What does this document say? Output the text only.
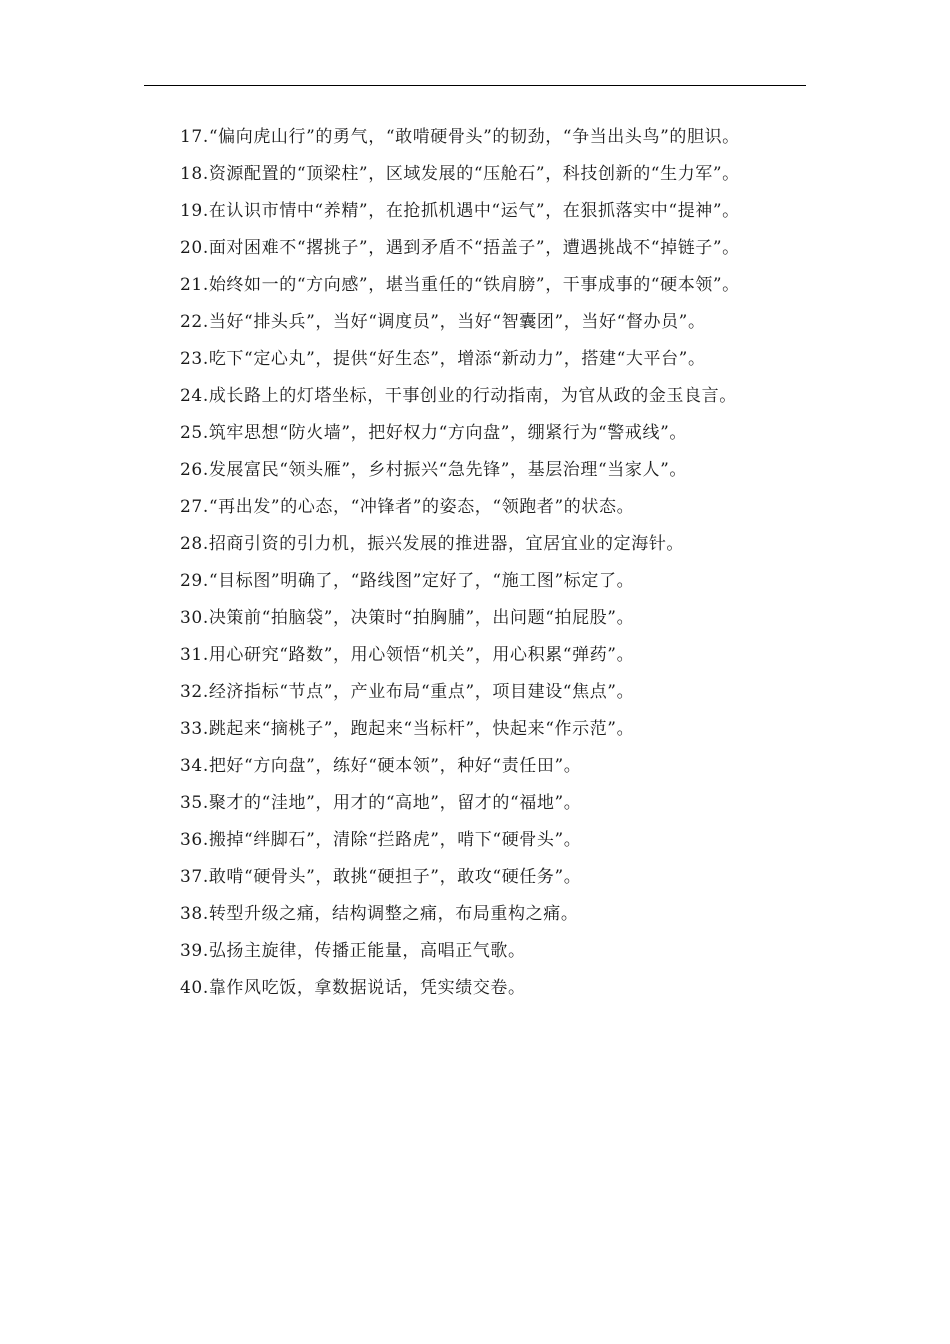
17.“偏向虎山行”的勇气，“敢啃硬骨头”的韧劲，“争当出头鸟”的胆识。

18.资源配置的“顶梁柱”，区域发展的“压舱石”，科技创新的“生力军”。

19.在认识市情中“养精”，在抢抓机遇中“运气”，在狠抓落实中“提神”。

20.面对困难不“撂挑子”，遇到矛盾不“捂盖子”，遭遇挑战不“掉链子”。

21.始终如一的“方向感”，堪当重任的“铁肩膀”，干事成事的“硬本领”。

22.当好“排头兵”，当好“调度员”，当好“智囊团”，当好“督办员”。

23.吃下“定心丸”，提供“好生态”，增添“新动力”，搭建“大平台”。

24.成长路上的灯塔坐标，干事创业的行动指南，为官从政的金玉良言。

25.筑牢思想“防火墙”，把好权力“方向盘”，绷紧行为“警戒线”。

26.发展富民“领头雁”，乡村振兴“急先锋”，基层治理“当家人”。

27.“再出发”的心态，“冲锋者”的姿态，“领跑者”的状态。

28.招商引资的引力机，振兴发展的推进器，宜居宜业的定海针。

29.“目标图”明确了，“路线图”定好了，“施工图”标定了。

30.决策前“拍脑袋”，决策时“拍胸脯”，出问题“拍屁股”。

31.用心研究“路数”，用心领悟“机关”，用心积累“弹药”。

32.经济指标“节点”，产业布局“重点”，项目建设“焦点”。

33.跳起来“摘桃子”，跑起来“当标杆”，快起来“作示范”。

34.把好“方向盘”，练好“硬本领”，种好“责任田”。

35.聚才的“洼地”，用才的“高地”，留才的“福地”。

36.搬掉“绊脚石”，清除“拦路虎”，啃下“硬骨头”。

37.敢啃“硬骨头”，敢挑“硬担子”，敢攻“硬任务”。

38.转型升级之痛，结构调整之痛，布局重构之痛。

39.弘扬主旋律，传播正能量，高唱正气歌。

40.靠作风吃饭，拿数据说话，凭实绩交卷。
